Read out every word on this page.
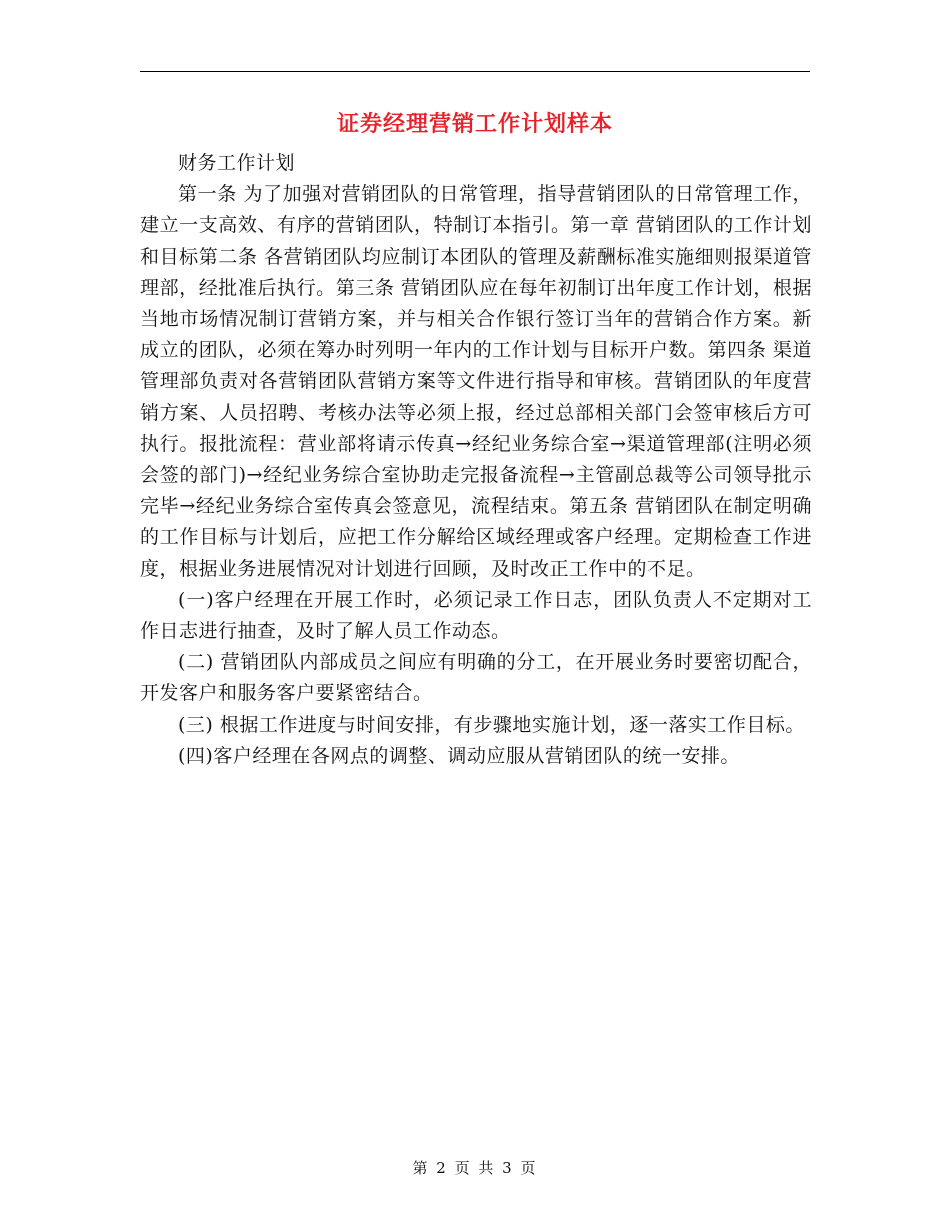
证券经理营销工作计划样本

财务工作计划

第一条 为了加强对营销团队的日常管理，指导营销团队的日常管理工作，建立一支高效、有序的营销团队，特制订本指引。第一章 营销团队的工作计划和目标第二条 各营销团队均应制订本团队的管理及薪酬标准实施细则报渠道管理部，经批准后执行。第三条 营销团队应在每年初制订出年度工作计划，根据当地市场情况制订营销方案，并与相关合作银行签订当年的营销合作方案。新成立的团队，必须在筹办时列明一年内的工作计划与目标开户数。第四条 渠道管理部负责对各营销团队营销方案等文件进行指导和审核。营销团队的年度营销方案、人员招聘、考核办法等必须上报，经过总部相关部门会签审核后方可执行。报批流程：营业部将请示传真→经纪业务综合室→渠道管理部(注明必须会签的部门)→经纪业务综合室协助走完报备流程→主管副总裁等公司领导批示完毕→经纪业务综合室传真会签意见，流程结束。第五条 营销团队在制定明确的工作目标与计划后，应把工作分解给区域经理或客户经理。定期检查工作进度，根据业务进展情况对计划进行回顾，及时改正工作中的不足。

(一)客户经理在开展工作时，必须记录工作日志，团队负责人不定期对工作日志进行抽查，及时了解人员工作动态。

(二) 营销团队内部成员之间应有明确的分工，在开展业务时要密切配合，开发客户和服务客户要紧密结合。

(三) 根据工作进度与时间安排，有步骤地实施计划，逐一落实工作目标。

(四)客户经理在各网点的调整、调动应服从营销团队的统一安排。

第 2 页 共 3 页
